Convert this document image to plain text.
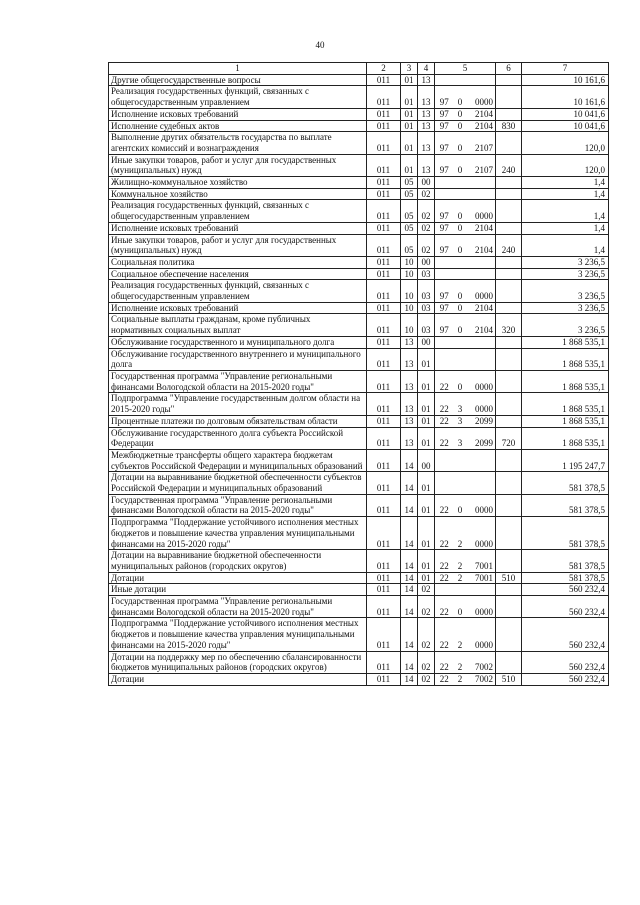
40
1	2	3	4	5			6	7
Другие общегосударственные вопросы	011	01	13					10 161,6
Реализация государственных функций, связанных с общегосударственным управлением	011	01	13	97	0	0000		10 161,6
Исполнение исковых требований	011	01	13	97	0	2104		10 041,6
Исполнение судебных актов	011	01	13	97	0	2104	830	10 041,6
Выполнение других обязательств государства по выплате агентских комиссий и вознаграждения	011	01	13	97	0	2107		120,0
Иные закупки товаров, работ и услуг для государственных (муниципальных) нужд	011	01	13	97	0	2107	240	120,0
Жилищно-коммунальное хозяйство	011	05	00					1,4
Коммунальное хозяйство	011	05	02					1,4
Реализация государственных функций, связанных с общегосударственным управлением	011	05	02	97	0	0000		1,4
Исполнение исковых требований	011	05	02	97	0	2104		1,4
Иные закупки товаров, работ и услуг для государственных (муниципальных) нужд	011	05	02	97	0	2104	240	1,4
Социальная политика	011	10	00					3 236,5
Социальное обеспечение населения	011	10	03					3 236,5
Реализация государственных функций, связанных с общегосударственным управлением	011	10	03	97	0	0000		3 236,5
Исполнение исковых требований	011	10	03	97	0	2104		3 236,5
Социальные выплаты гражданам, кроме публичных нормативных социальных выплат	011	10	03	97	0	2104	320	3 236,5
Обслуживание государственного и муниципального долга	011	13	00					1 868 535,1
Обслуживание государственного внутреннего и муниципального долга	011	13	01					1 868 535,1
Государственная программа "Управление региональными финансами Вологодской области на 2015-2020 годы"	011	13	01	22	0	0000		1 868 535,1
Подпрограмма "Управление государственным долгом области на 2015-2020 годы"	011	13	01	22	3	0000		1 868 535,1
Процентные платежи по долговым обязательствам области	011	13	01	22	3	2099		1 868 535,1
Обслуживание государственного долга субъекта Российской Федерации	011	13	01	22	3	2099	720	1 868 535,1
Межбюджетные трансферты общего характера бюджетам субъектов Российской Федерации и муниципальных образований	011	14	00					1 195 247,7
Дотации на выравнивание бюджетной обеспеченности субъектов Российской Федерации и муниципальных образований	011	14	01					581 378,5
Государственная программа "Управление региональными финансами Вологодской области на 2015-2020 годы"	011	14	01	22	0	0000		581 378,5
Подпрограмма "Поддержание устойчивого исполнения местных бюджетов и повышение качества управления муниципальными финансами на 2015-2020 годы"	011	14	01	22	2	0000		581 378,5
Дотации на выравнивание бюджетной обеспеченности муниципальных районов (городских округов)	011	14	01	22	2	7001		581 378,5
Дотации	011	14	01	22	2	7001	510	581 378,5
Иные дотации	011	14	02					560 232,4
Государственная программа "Управление региональными финансами Вологодской области на 2015-2020 годы"	011	14	02	22	0	0000		560 232,4
Подпрограмма "Поддержание устойчивого исполнения местных бюджетов и повышение качества управления муниципальными финансами на 2015-2020 годы"	011	14	02	22	2	0000		560 232,4
Дотации на поддержку мер по обеспечению сбалансированности бюджетов муниципальных районов (городских округов)	011	14	02	22	2	7002		560 232,4
Дотации	011	14	02	22	2	7002	510	560 232,4
